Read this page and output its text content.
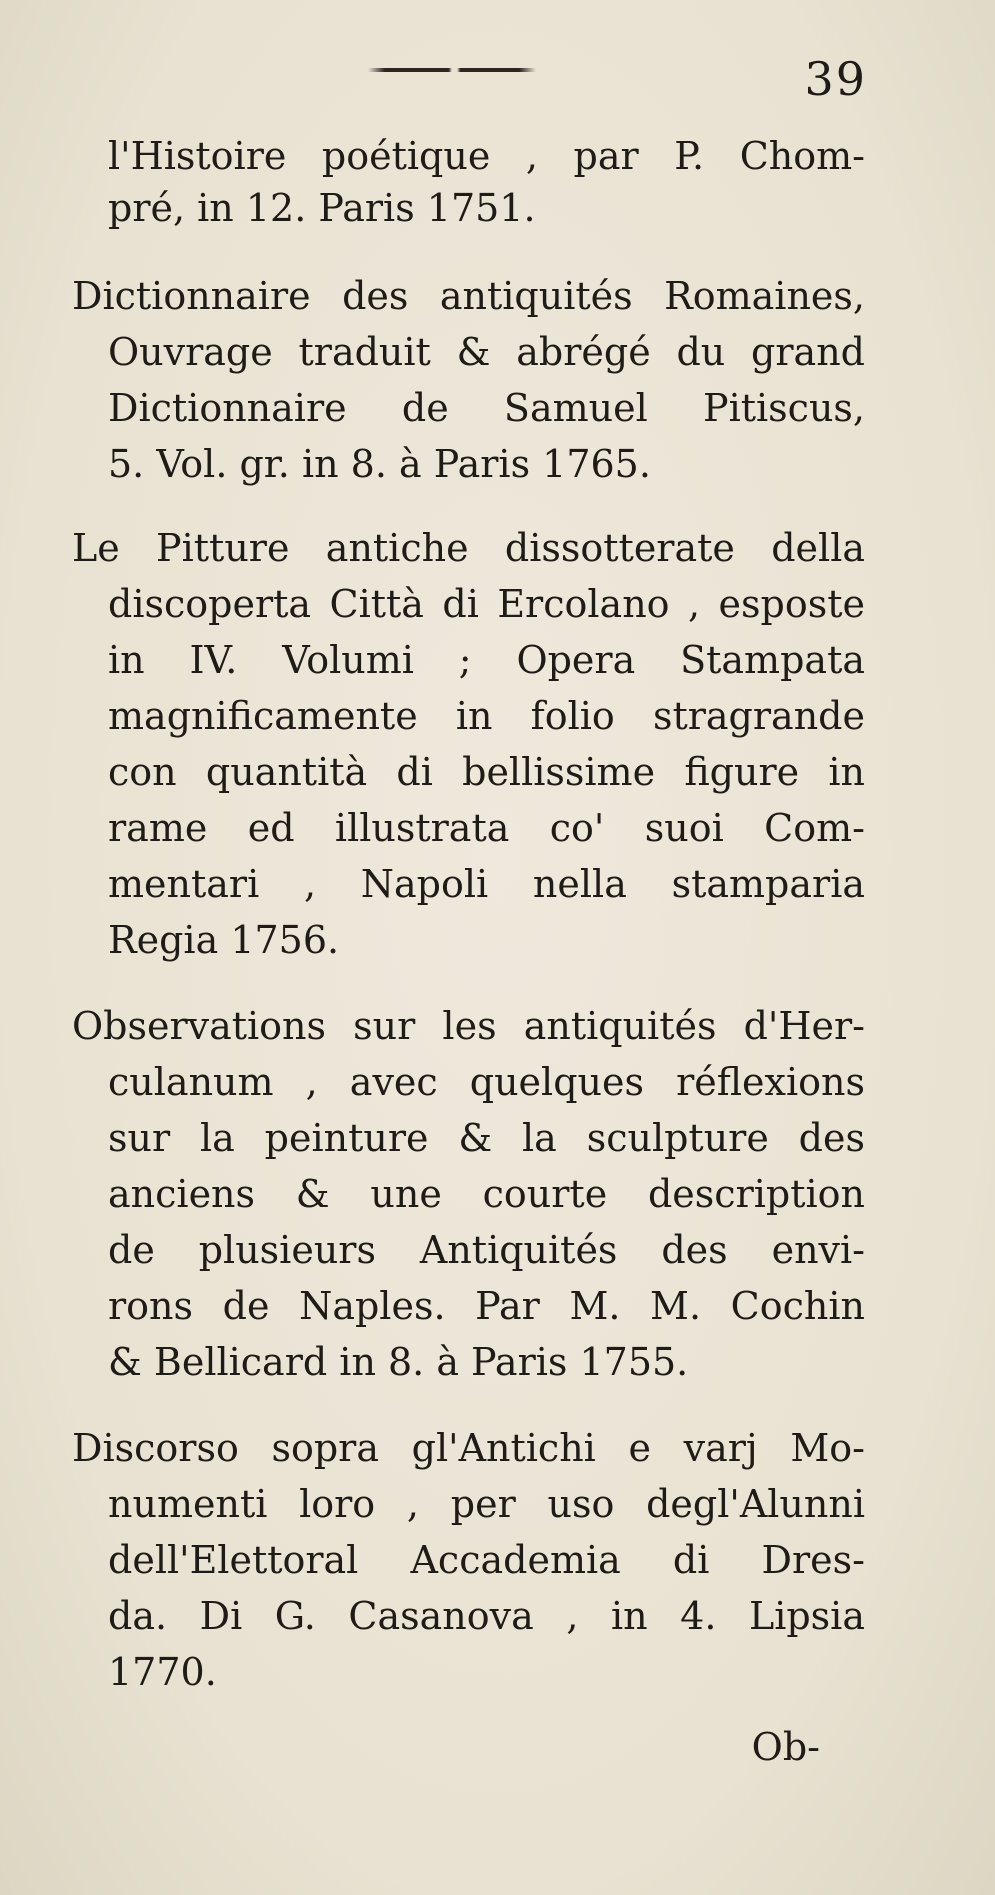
39
l'Histoire poétique , par P. Chom-
pré, in 12. Paris 1751.
Dictionnaire des antiquités Romaines,
Ouvrage traduit & abrégé du grand
Dictionnaire de Samuel Pitiscus,
5. Vol. gr. in 8. à Paris 1765.
Le Pitture antiche dissotterate della
discoperta Città di Ercolano , esposte
in IV. Volumi ; Opera Stampata
magnificamente in folio stragrande
con quantità di bellissime figure in
rame ed illustrata co' suoi Com-
mentari , Napoli nella stamparia
Regia 1756.
Observations sur les antiquités d'Her-
culanum , avec quelques réflexions
sur la peinture & la sculpture des
anciens & une courte description
de plusieurs Antiquités des envi-
rons de Naples. Par M. M. Cochin
& Bellicard in 8. à Paris 1755.
Discorso sopra gl'Antichi e varj Mo-
numenti loro , per uso degl'Alunni
dell'Elettoral Accademia di Dres-
da. Di G. Casanova , in 4. Lipsia
1770.
Ob-
